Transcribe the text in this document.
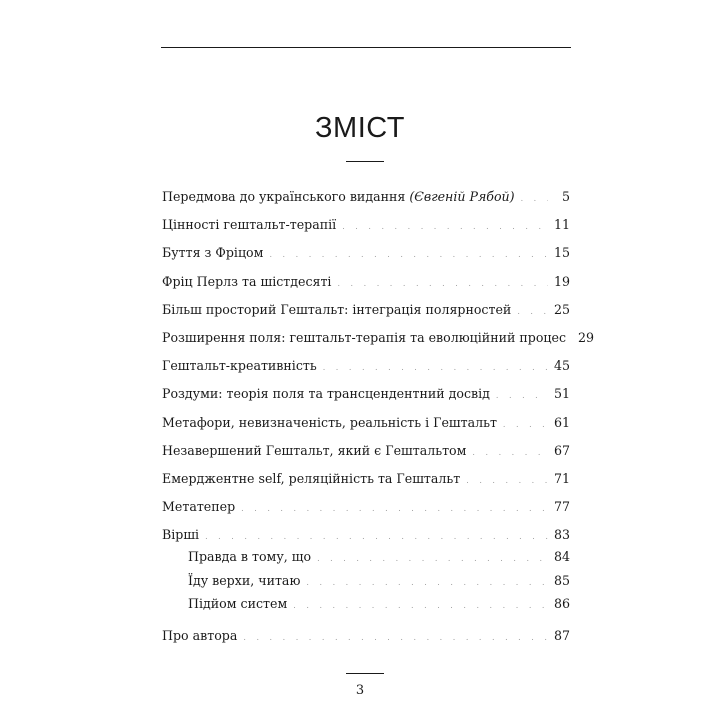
ЗМІСТ
Передмова до українського видання (Євгеній Рябой) . . .	5
Цінності гештальт-терапії . . .	11
Буття з Фріцом . . .	15
Фріц Перлз та шістдесяті . . .	19
Більш просторий Гештальт: інтеграція полярностей . . .	25
Розширення поля: гештальт-терапія та еволюційний процес 29
Гештальт-креативність . . .	45
Роздуми: теорія поля та трансцендентний досвід . . .	51
Метафори, невизначеність, реальність і Гештальт . . .	61
Незавершений Гештальт, який є Гештальтом . . .	67
Емерджентне self, реляційність та Гештальт . . .	71
Метатепер . . .	77
Вірші . . .	83
Правда в тому, що . . .	84
Їду верхи, читаю . . .	85
Підйом систем . . .	86
Про автора . . .	87
3
